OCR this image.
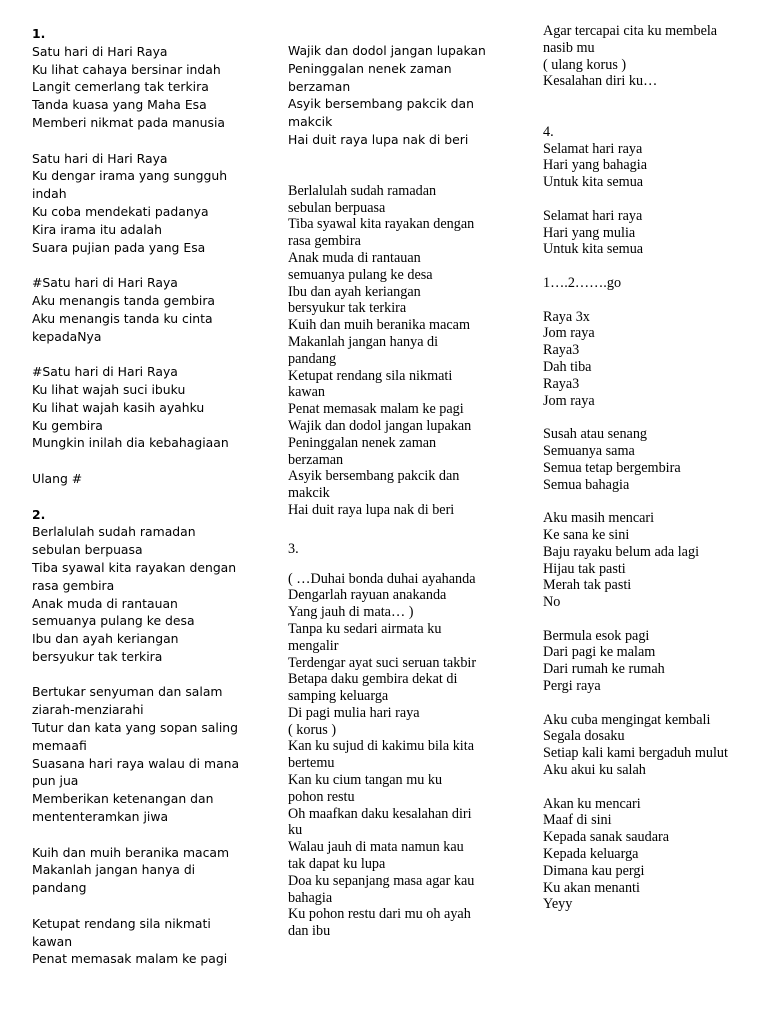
1.
Satu hari di Hari Raya
Ku lihat cahaya bersinar indah
Langit cemerlang tak terkira
Tanda kuasa yang Maha Esa
Memberi nikmat pada manusia
Satu hari di Hari Raya
Ku dengar irama yang sungguh
indah
Ku coba mendekati padanya
Kira irama itu adalah
Suara pujian pada yang Esa
#Satu hari di Hari Raya
Aku menangis tanda gembira
Aku menangis tanda ku cinta
kepadaNya
#Satu hari di Hari Raya
Ku lihat wajah suci ibuku
Ku lihat wajah kasih ayahku
Ku gembira
Mungkin inilah dia kebahagiaan
Ulang #
2.
Berlalulah sudah ramadan
sebulan berpuasa
Tiba syawal kita rayakan dengan
rasa gembira
Anak muda di rantauan
semuanya pulang ke desa
Ibu dan ayah keriangan
bersyukur tak terkira
Bertukar senyuman dan salam
ziarah-menziarahi
Tutur dan kata yang sopan saling
memaafi
Suasana hari raya walau di mana
pun jua
Memberikan ketenangan dan
mententeramkan jiwa
Kuih dan muih beranika macam
Makanlah jangan hanya di
pandang
Ketupat rendang sila nikmati
kawan
Penat memasak malam ke pagi
Wajik dan dodol jangan lupakan
Peninggalan nenek zaman
berzaman
Asyik bersembang pakcik dan
makcik
Hai duit raya lupa nak di beri
Berlalulah sudah ramadan
sebulan berpuasa
Tiba syawal kita rayakan dengan
rasa gembira
Anak muda di rantauan
semuanya pulang ke desa
Ibu dan ayah keriangan
bersyukur tak terkira
Kuih dan muih beranika macam
Makanlah jangan hanya di
pandang
Ketupat rendang sila nikmati
kawan
Penat memasak malam ke pagi
Wajik dan dodol jangan lupakan
Peninggalan nenek zaman
berzaman
Asyik bersembang pakcik dan
makcik
Hai duit raya lupa nak di beri
3.
( …Duhai bonda duhai ayahanda
Dengarlah rayuan anakanda
Yang jauh di mata… )
Tanpa ku sedari airmata ku
mengalir
Terdengar ayat suci seruan takbir
Betapa daku gembira dekat di
samping keluarga
Di pagi mulia hari raya
( korus )
Kan ku sujud di kakimu bila kita
bertemu
Kan ku cium tangan mu ku
pohon restu
Oh maafkan daku kesalahan diri
ku
Walau jauh di mata namun kau
tak dapat ku lupa
Doa ku sepanjang masa agar kau
bahagia
Ku pohon restu dari mu oh ayah
dan ibu
Agar tercapai cita ku membela
nasib mu
( ulang korus )
Kesalahan diri ku…
4.
Selamat hari raya
Hari yang bahagia
Untuk kita semua
Selamat hari raya
Hari yang mulia
Untuk kita semua
1….2…….go
Raya 3x
Jom raya
Raya3
Dah tiba
Raya3
Jom raya
Susah atau senang
Semuanya sama
Semua tetap bergembira
Semua bahagia
Aku masih mencari
Ke sana ke sini
Baju rayaku belum ada lagi
Hijau tak pasti
Merah tak pasti
No
Bermula esok pagi
Dari pagi ke malam
Dari rumah ke rumah
Pergi raya
Aku cuba mengingat kembali
Segala dosaku
Setiap kali kami bergaduh mulut
Aku akui ku salah
Akan ku mencari
Maaf di sini
Kepada sanak saudara
Kepada keluarga
Dimana kau pergi
Ku akan menanti
Yeyy
